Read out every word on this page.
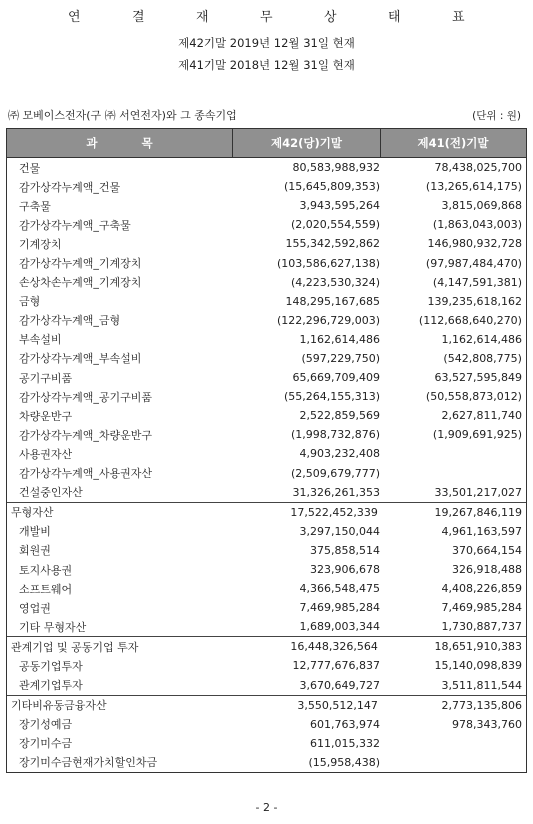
연	결	재	무	상	태	표
제42기말 2019년 12월 31일 현재
제41기말 2018년 12월 31일 현재
㈜ 모베이스전자(구 ㈜ 서연전자)와 그 종속기업	(단위 : 원)
과           목	제42(당)기말	제41(전)기말
건물	80,583,988,932	78,438,025,700
감가상각누계액_건물	(15,645,809,353)	(13,265,614,175)
구축물	3,943,595,264	3,815,069,868
감가상각누계액_구축물	(2,020,554,559)	(1,863,043,003)
기계장치	155,342,592,862	146,980,932,728
감가상각누계액_기계장치	(103,586,627,138)	(97,987,484,470)
손상차손누계액_기계장치	(4,223,530,324)	(4,147,591,381)
금형	148,295,167,685	139,235,618,162
감가상각누계액_금형	(122,296,729,003)	(112,668,640,270)
부속설비	1,162,614,486	1,162,614,486
감가상각누계액_부속설비	(597,229,750)	(542,808,775)
공기구비품	65,669,709,409	63,527,595,849
감가상각누계액_공기구비품	(55,264,155,313)	(50,558,873,012)
차량운반구	2,522,859,569	2,627,811,740
감가상각누계액_차량운반구	(1,998,732,876)	(1,909,691,925)
사용권자산	4,903,232,408
감가상각누계액_사용권자산	(2,509,679,777)
건설중인자산	31,326,261,353	33,501,217,027
무형자산	17,522,452,339	19,267,846,119
개발비	3,297,150,044	4,961,163,597
회원권	375,858,514	370,664,154
토지사용권	323,906,678	326,918,488
소프트웨어	4,366,548,475	4,408,226,859
영업권	7,469,985,284	7,469,985,284
기타 무형자산	1,689,003,344	1,730,887,737
관계기업 및 공동기업 투자	16,448,326,564	18,651,910,383
공동기업투자	12,777,676,837	15,140,098,839
관계기업투자	3,670,649,727	3,511,811,544
기타비유동금융자산	3,550,512,147	2,773,135,806
장기성예금	601,763,974	978,343,760
장기미수금	611,015,332
장기미수금현재가치할인차금	(15,958,438)
- 2 -
